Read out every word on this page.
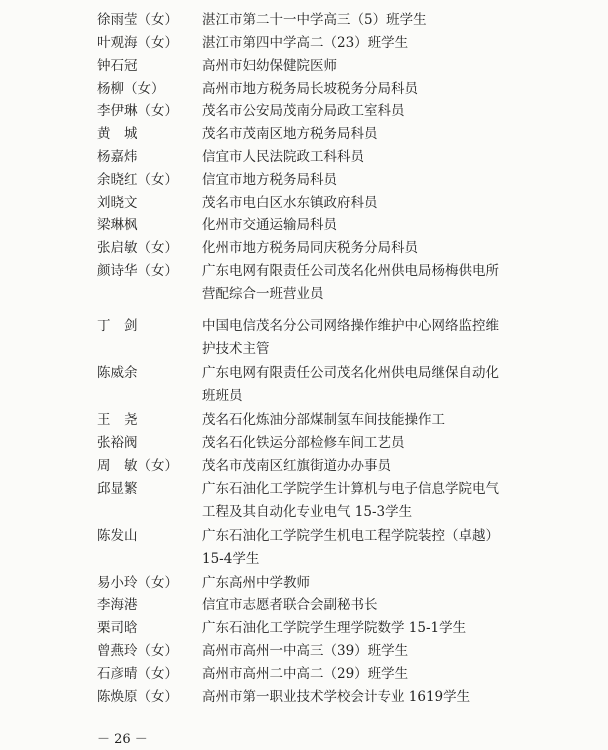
徐雨莹（女） 湛江市第二十一中学高三（5）班学生
叶观海（女） 湛江市第四中学高二（23）班学生
钟石冠	高州市妇幼保健院医师
杨柳（女）	高州市地方税务局长坡税务分局科员
李伊琳（女） 茂名市公安局茂南分局政工室科员
黄　城	茂名市茂南区地方税务局科员
杨嘉炜	信宜市人民法院政工科科员
余晓红（女） 信宜市地方税务局科员
刘晓文	茂名市电白区水东镇政府科员
梁琳枫	化州市交通运输局科员
张启敏（女） 化州市地方税务局同庆税务分局科员
颜诗华（女） 广东电网有限责任公司茂名化州供电局杨梅供电所
营配综合一班营业员
丁　剑	中国电信茂名分公司网络操作维护中心网络监控维
护技术主管
陈威余	广东电网有限责任公司茂名化州供电局继保自动化
班班员
王　尧	茂名石化炼油分部煤制氢车间技能操作工
张裕阀	茂名石化铁运分部检修车间工艺员
周　敏（女） 茂名市茂南区红旗街道办办事员
邱显繁	广东石油化工学院学生计算机与电子信息学院电气
工程及其自动化专业电气 15-3学生
陈发山	广东石油化工学院学生机电工程学院装控（卓越）
15-4学生
易小玲（女） 广东高州中学教师
李海港	信宜市志愿者联合会副秘书长
栗司晗	广东石油化工学院学生理学院数学 15-1学生
曾燕玲（女） 高州市高州一中高三（39）班学生
石彦晴（女） 高州市高州二中高二（29）班学生
陈焕原（女） 高州市第一职业技术学校会计专业 1619学生
－ 26 －
